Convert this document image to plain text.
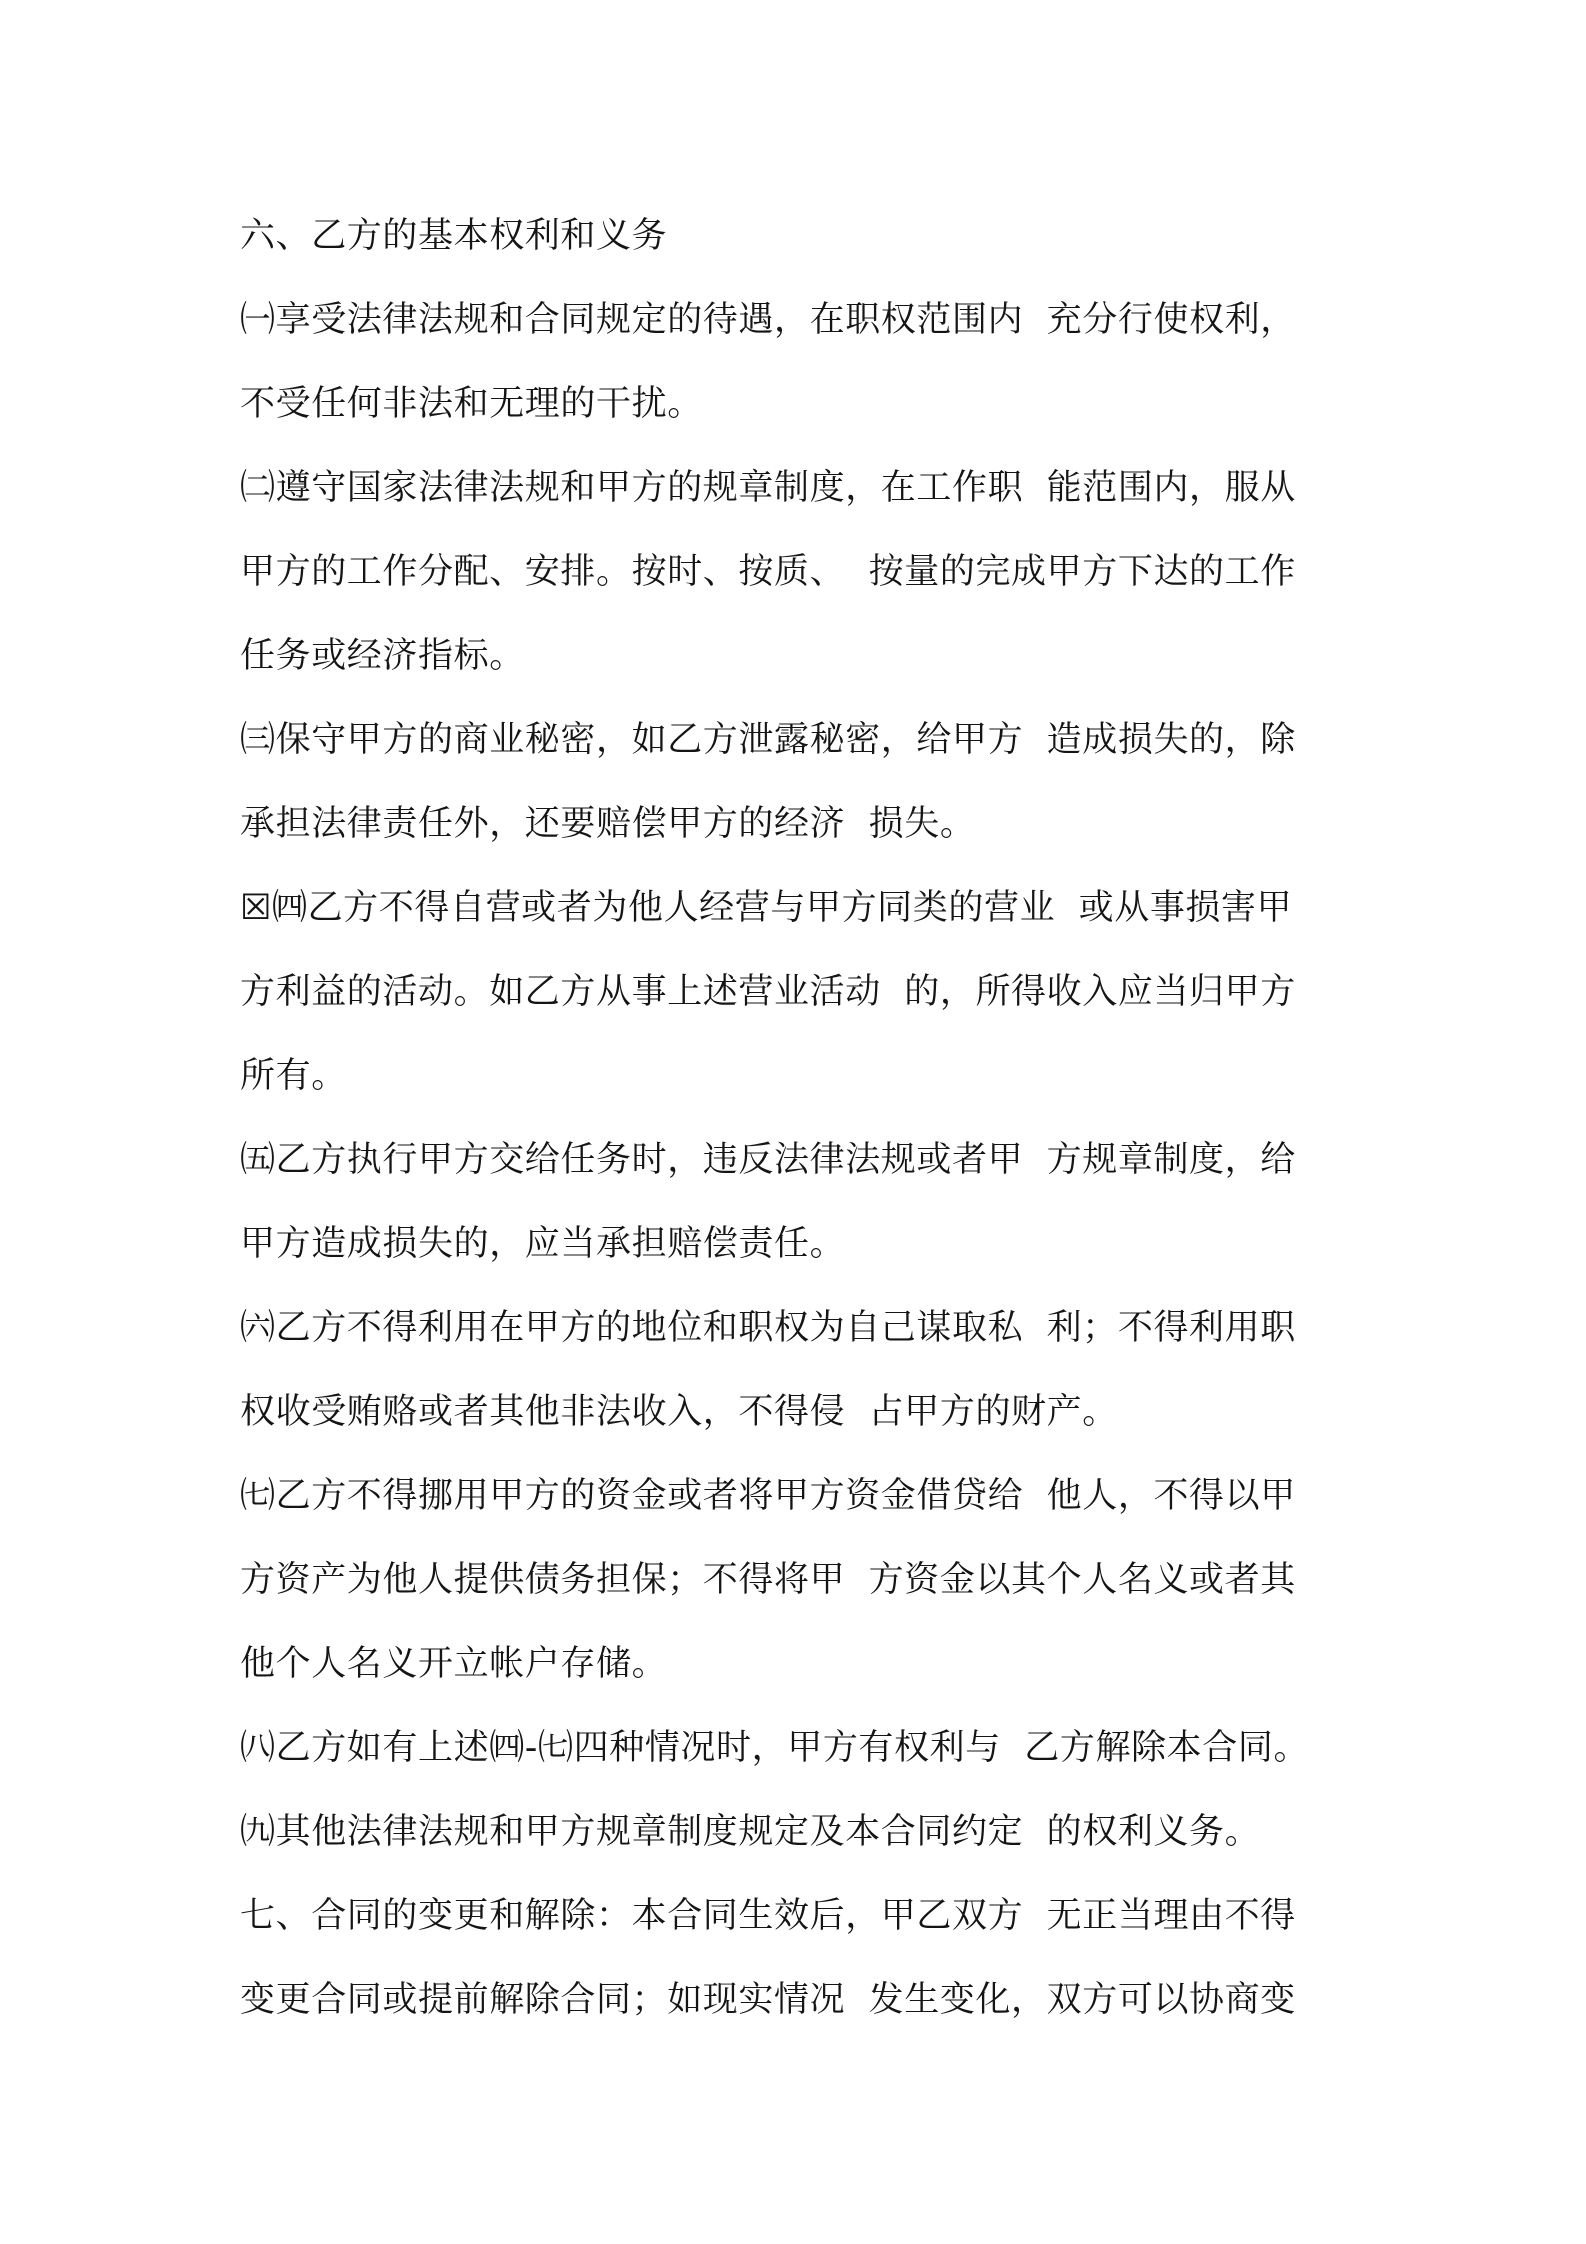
六、乙方的基本权利和义务
㈠享受法律法规和合同规定的待遇，在职权范围内  充分行使权利，
不受任何非法和无理的干扰。
㈡遵守国家法律法规和甲方的规章制度，在工作职  能范围内，服从
甲方的工作分配、安排。按时、按质、  按量的完成甲方下达的工作
任务或经济指标。
㈢保守甲方的商业秘密，如乙方泄露秘密，给甲方  造成损失的，除
承担法律责任外，还要赔偿甲方的经济  损失。
☒㈣乙方不得自营或者为他人经营与甲方同类的营业  或从事损害甲
方利益的活动。如乙方从事上述营业活动  的，所得收入应当归甲方
所有。
㈤乙方执行甲方交给任务时，违反法律法规或者甲  方规章制度，给
甲方造成损失的，应当承担赔偿责任。
㈥乙方不得利用在甲方的地位和职权为自己谋取私  利；不得利用职
权收受贿赂或者其他非法收入，不得侵  占甲方的财产。
㈦乙方不得挪用甲方的资金或者将甲方资金借贷给  他人，不得以甲
方资产为他人提供债务担保；不得将甲  方资金以其个人名义或者其
他个人名义开立帐户存储。
㈧乙方如有上述㈣-㈦四种情况时，甲方有权利与  乙方解除本合同。
㈨其他法律法规和甲方规章制度规定及本合同约定  的权利义务。
七、合同的变更和解除：本合同生效后，甲乙双方  无正当理由不得
变更合同或提前解除合同；如现实情况  发生变化，双方可以协商变
